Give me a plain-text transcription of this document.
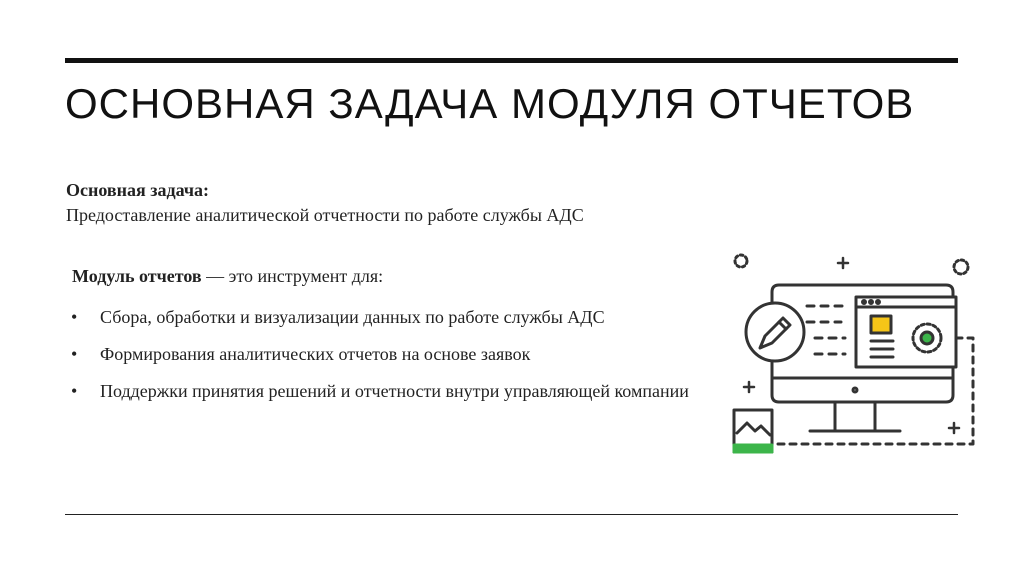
ОСНОВНАЯ ЗАДАЧА МОДУЛЯ ОТЧЕТОВ
Основная задача:
Предоставление аналитической отчетности по работе службы АДС
Модуль отчетов — это инструмент для:
• Сбора, обработки и визуализации данных по работе службы АДС
• Формирования аналитических отчетов на основе заявок
• Поддержки принятия решений и отчетности внутри управляющей компании
